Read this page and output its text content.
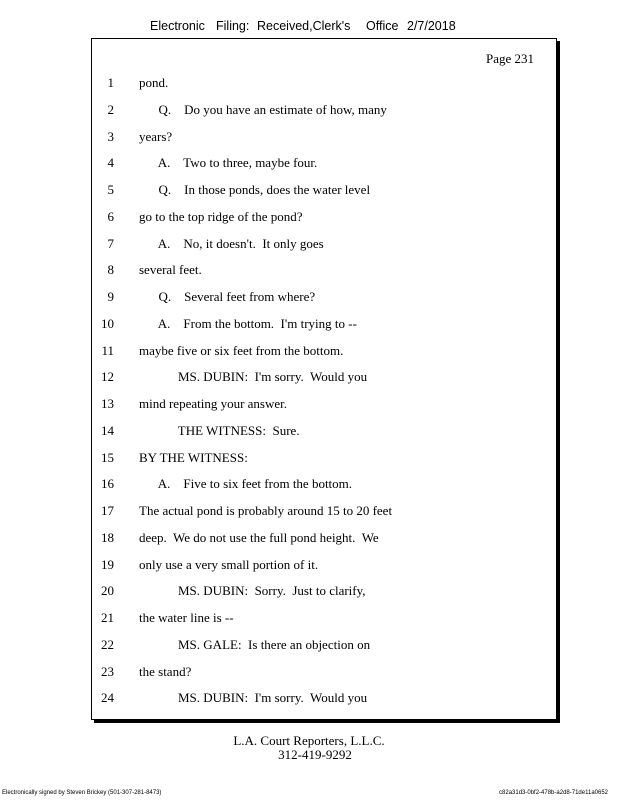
Electronic Filing: Received,Clerk's Office 2/7/2018
Page 231
1 pond.
2 Q.    Do you have an estimate of how, many
3 years?
4 A.    Two to three, maybe four.
5 Q.    In those ponds, does the water level
6 go to the top ridge of the pond?
7 A.    No, it doesn't.  It only goes
8 several feet.
9 Q.    Several feet from where?
10 A.    From the bottom.  I'm trying to --
11 maybe five or six feet from the bottom.
12 MS. DUBIN:  I'm sorry.  Would you
13 mind repeating your answer.
14 THE WITNESS:  Sure.
15 BY THE WITNESS:
16 A.    Five to six feet from the bottom.
17 The actual pond is probably around 15 to 20 feet
18 deep.  We do not use the full pond height.  We
19 only use a very small portion of it.
20 MS. DUBIN:  Sorry.  Just to clarify,
21 the water line is --
22 MS. GALE:  Is there an objection on
23 the stand?
24 MS. DUBIN:  I'm sorry.  Would you
L.A. Court Reporters, L.L.C.
312-419-9292
Electronically signed by Steven Brickey (501-307-281-8473)	c82a31d3-0bf2-478b-a2d8-71de11a0652
